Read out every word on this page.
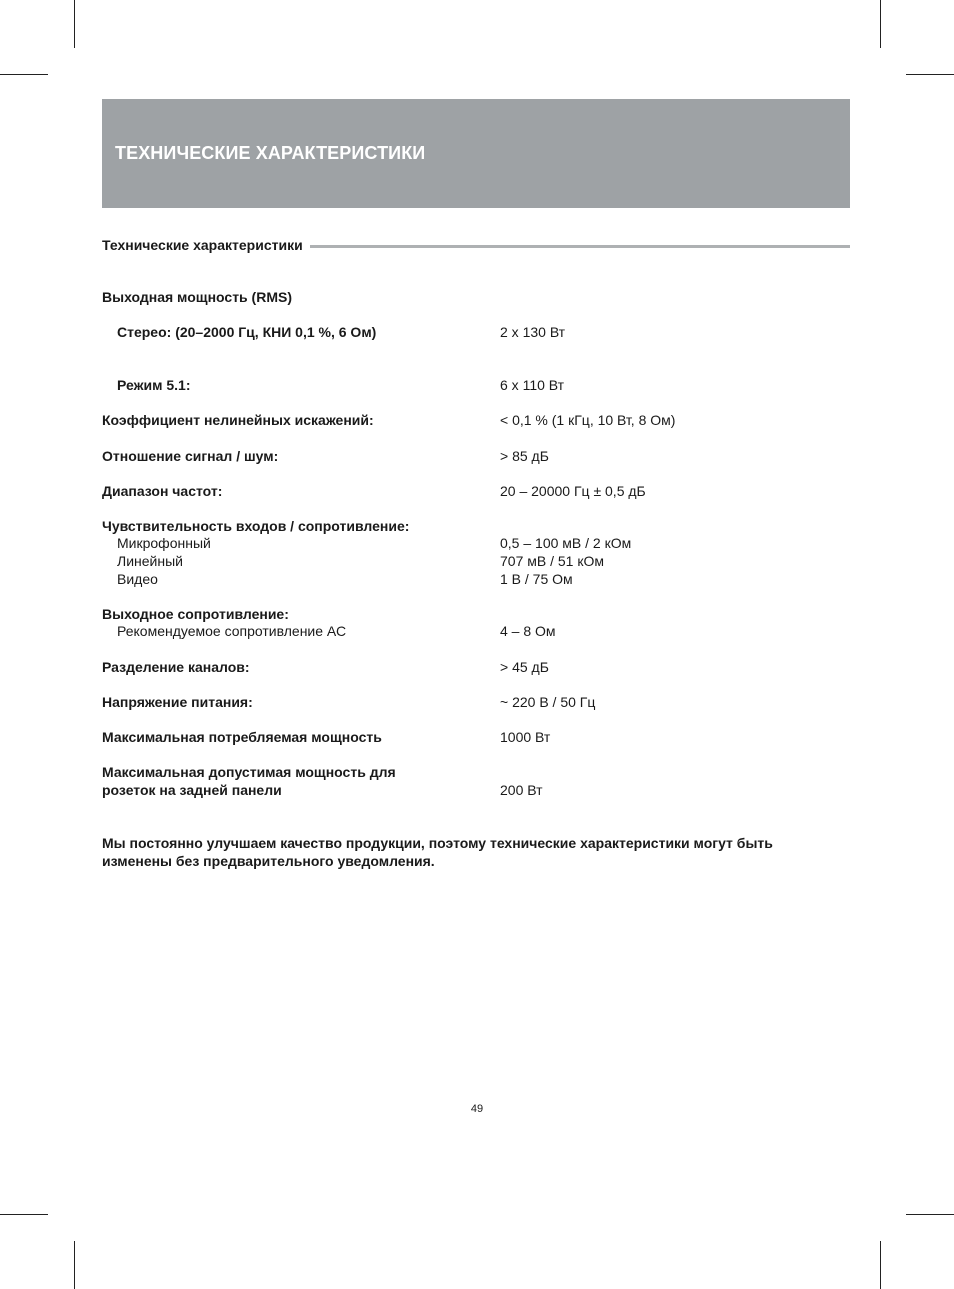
ТЕХНИЧЕСКИЕ ХАРАКТЕРИСТИКИ
Технические характеристики
Выходная мощность (RMS)
Стерео: (20–2000 Гц, КНИ 0,1 %, 6 Ом)	2 х 130 Вт
Режим 5.1:	6 х 110 Вт
Коэффициент нелинейных искажений:	< 0,1 % (1 кГц, 10 Вт, 8 Ом)
Отношение сигнал / шум:	> 85 дБ
Диапазон частот:	20 – 20000 Гц ± 0,5 дБ
Чувствительность входов / сопротивление:
Микрофонный	0,5 – 100 мВ / 2 кОм
Линейный	707 мВ / 51 кОм
Видео	1 В / 75 Ом
Выходное сопротивление:
Рекомендуемое сопротивление АС	4 – 8 Ом
Разделение каналов:	> 45 дБ
Напряжение питания:	~ 220 В / 50 Гц
Максимальная потребляемая мощность	1000 Вт
Максимальная допустимая мощность для
розеток на задней панели	200 Вт
Мы постоянно улучшаем качество продукции, поэтому технические характеристики могут быть
изменены без предварительного уведомления.
49
